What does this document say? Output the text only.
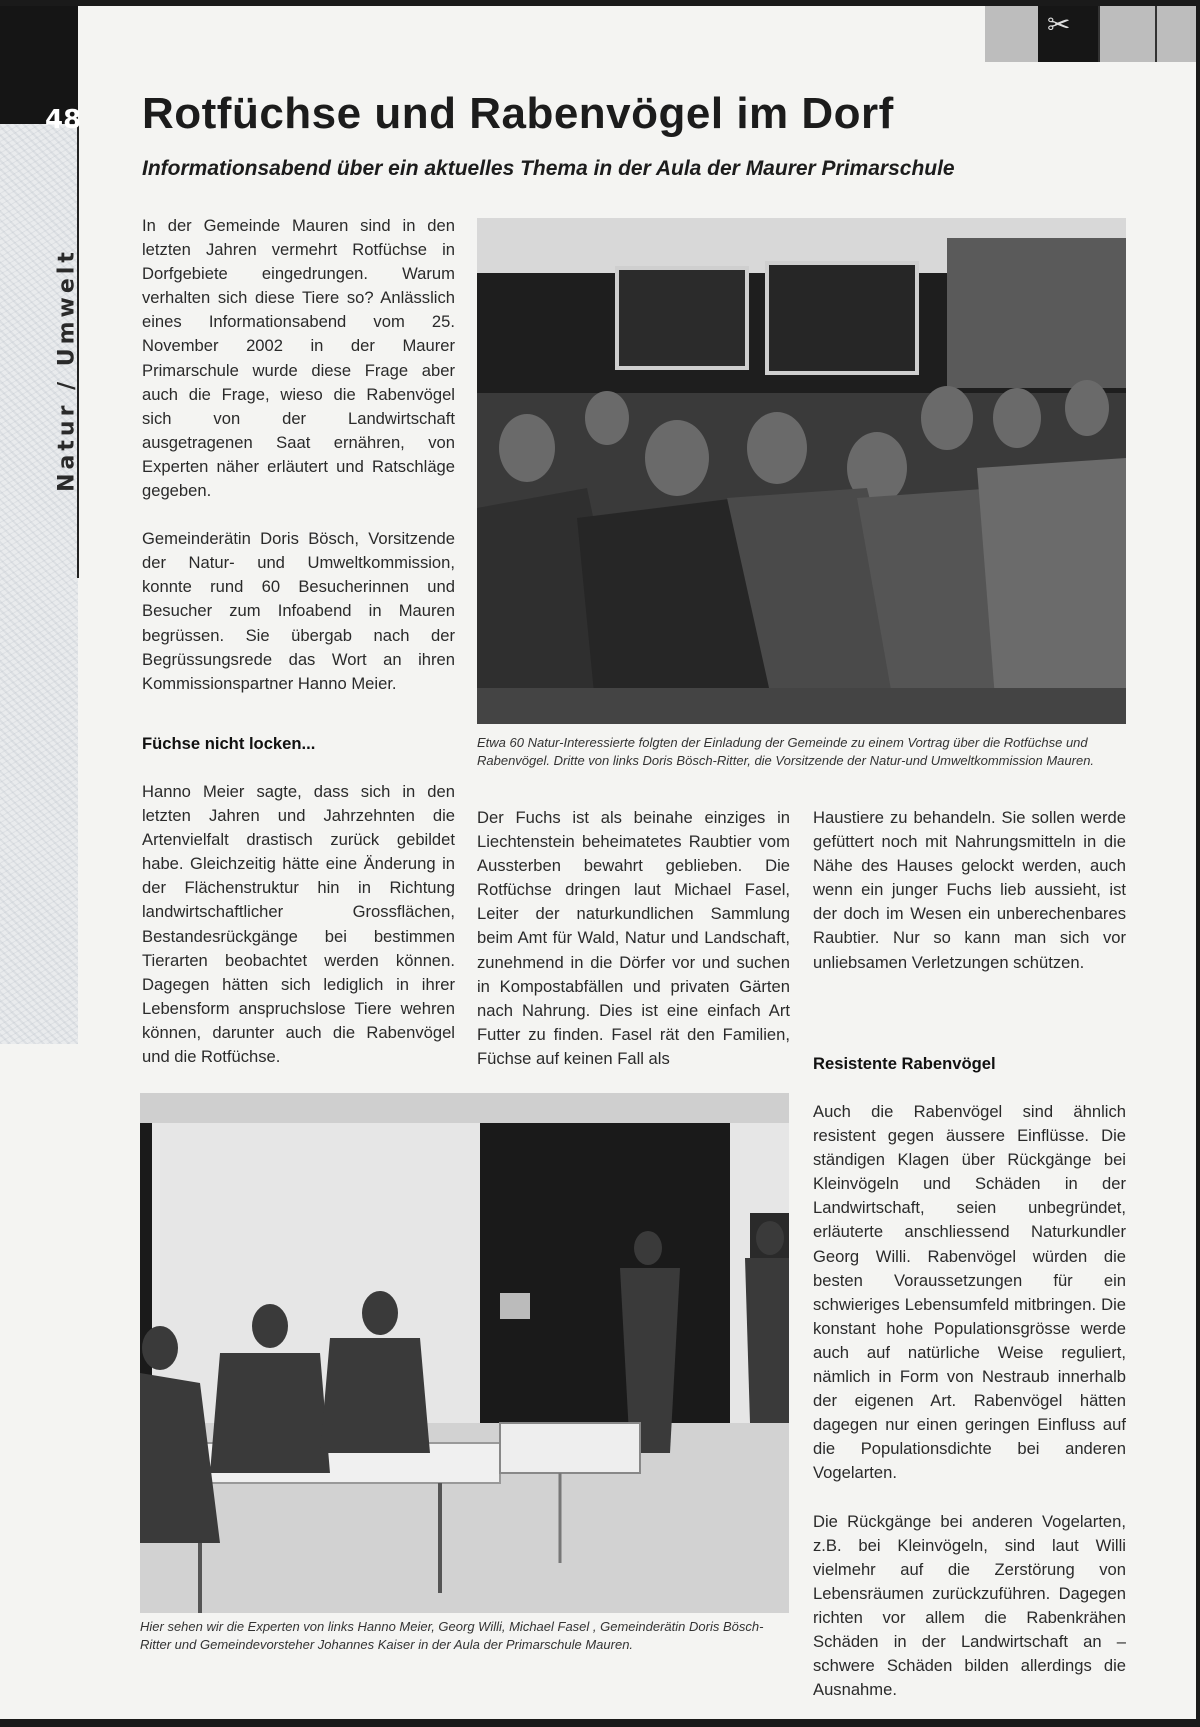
48
Natur / Umwelt
✂
Rotfüchse und Rabenvögel im Dorf
Informationsabend über ein aktuelles Thema in der Aula der Maurer Primarschule

In der Gemeinde Mauren sind in den letzten Jahren vermehrt Rotfüchse in Dorfgebiete eingedrungen. Warum verhalten sich diese Tiere so? Anlässlich eines Informationsabend vom 25. November 2002 in der Maurer Primarschule wurde diese Frage aber auch die Frage, wieso die Rabenvögel sich von der Landwirtschaft ausgetragenen Saat ernähren, von Experten näher erläutert und Ratschläge gegeben.

Gemeinderätin Doris Bösch, Vorsitzende der Natur- und Umweltkommission, konnte rund 60 Besucherinnen und Besucher zum Infoabend in Mauren begrüssen. Sie übergab nach der Begrüssungsrede das Wort an ihren Kommissionspartner Hanno Meier.

Füchse nicht locken...

Hanno Meier sagte, dass sich in den letzten Jahren und Jahrzehnten die Artenvielfalt drastisch zurück gebildet habe. Gleichzeitig hätte eine Änderung in der Flächenstruktur hin in Richtung landwirtschaftlicher Grossflächen, Bestandesrückgänge bei bestimmen Tierarten beobachtet werden können. Dagegen hätten sich lediglich in ihrer Lebensform anspruchslose Tiere wehren können, darunter auch die Rabenvögel und die Rotfüchse.

Der Fuchs ist als beinahe einziges in Liechtenstein beheimatetes Raubtier vom Aussterben bewahrt geblieben. Die Rotfüchse dringen laut Michael Fasel, Leiter der naturkundlichen Sammlung beim Amt für Wald, Natur und Landschaft, zunehmend in die Dörfer vor und suchen in Kompostabfällen und privaten Gärten nach Nahrung. Dies ist eine einfach Art Futter zu finden. Fasel rät den Familien, Füchse auf keinen Fall als

Haustiere zu behandeln. Sie sollen werde gefüttert noch mit Nahrungsmitteln in die Nähe des Hauses gelockt werden, auch wenn ein junger Fuchs lieb aussieht, ist der doch im Wesen ein unberechenbares Raubtier. Nur so kann man sich vor unliebsamen Verletzungen schützen.

Resistente Rabenvögel

Auch die Rabenvögel sind ähnlich resistent gegen äussere Einflüsse. Die ständigen Klagen über Rückgänge bei Kleinvögeln und Schäden in der Landwirtschaft, seien unbegründet, erläuterte anschliessend Naturkundler Georg Willi. Rabenvögel würden die besten Voraussetzungen für ein schwieriges Lebensumfeld mitbringen. Die konstant hohe Populationsgrösse werde auch auf natürliche Weise reguliert, nämlich in Form von Nestraub innerhalb der eigenen Art. Rabenvögel hätten dagegen nur einen geringen Einfluss auf die Populationsdichte bei anderen Vogelarten.

Die Rückgänge bei anderen Vogelarten, z.B. bei Kleinvögeln, sind laut Willi vielmehr auf die Zerstörung von Lebensräumen zurückzuführen. Dagegen richten vor allem die Rabenkrähen Schäden in der Landwirtschaft an – schwere Schäden bilden allerdings die Ausnahme.

Etwa 60 Natur-Interessierte folgten der Einladung der Gemeinde zu einem Vortrag über die Rotfüchse und Rabenvögel. Dritte von links Doris Bösch-Ritter, die Vorsitzende der Natur-und Umweltkommission Mauren.

Hier sehen wir die Experten von links Hanno Meier, Georg Willi, Michael Fasel , Gemeinderätin Doris Bösch-Ritter und Gemeindevorsteher Johannes Kaiser in der Aula der Primarschule Mauren.
